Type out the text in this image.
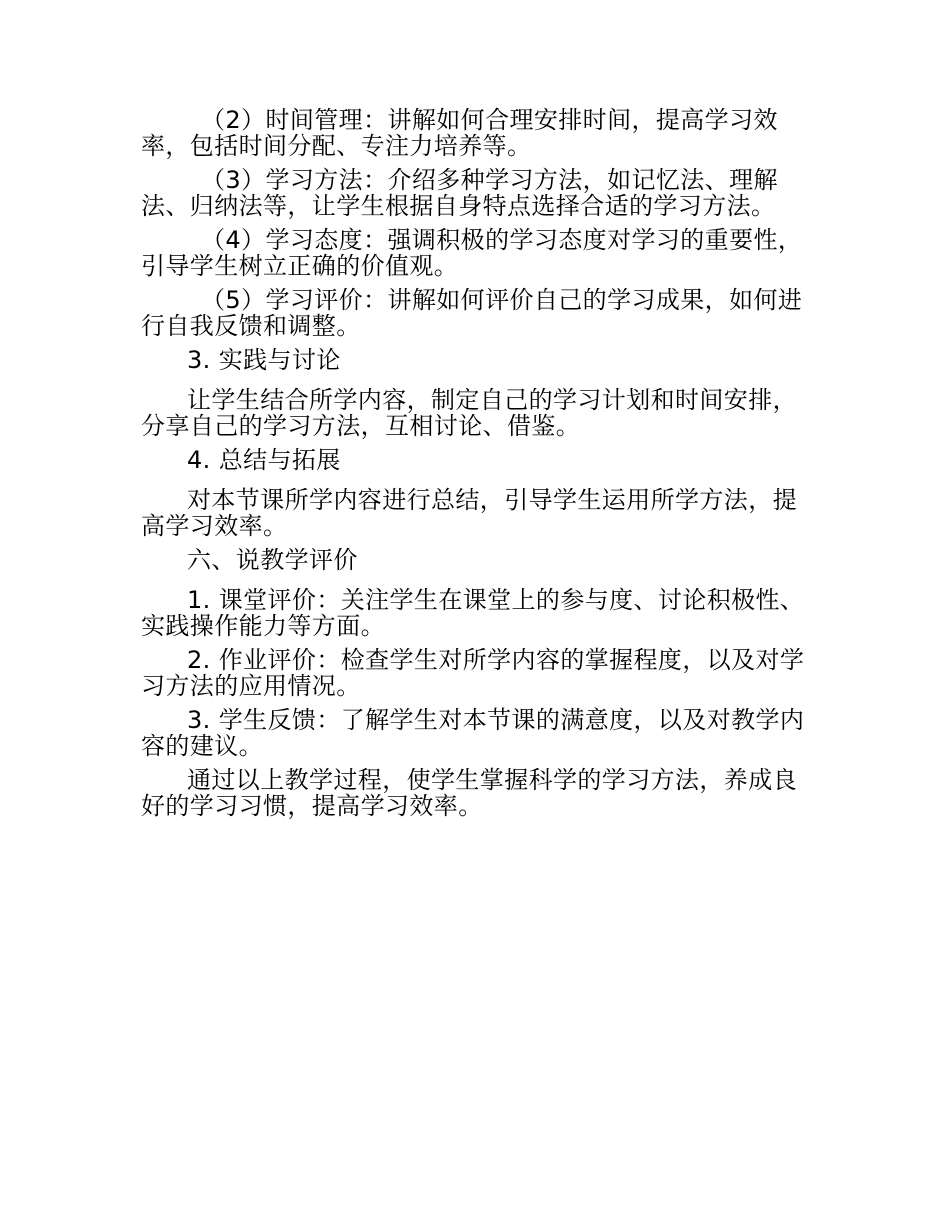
（2）时间管理：讲解如何合理安排时间，提高学习效率，包括时间分配、专注力培养等。

（3）学习方法：介绍多种学习方法，如记忆法、理解法、归纳法等，让学生根据自身特点选择合适的学习方法。

（4）学习态度：强调积极的学习态度对学习的重要性，引导学生树立正确的价值观。

（5）学习评价：讲解如何评价自己的学习成果，如何进行自我反馈和调整。

3. 实践与讨论

让学生结合所学内容，制定自己的学习计划和时间安排，分享自己的学习方法，互相讨论、借鉴。

4. 总结与拓展

对本节课所学内容进行总结，引导学生运用所学方法，提高学习效率。

六、说教学评价

1. 课堂评价：关注学生在课堂上的参与度、讨论积极性、实践操作能力等方面。

2. 作业评价：检查学生对所学内容的掌握程度，以及对学习方法的应用情况。

3. 学生反馈：了解学生对本节课的满意度，以及对教学内容的建议。

通过以上教学过程，使学生掌握科学的学习方法，养成良好的学习习惯，提高学习效率。
